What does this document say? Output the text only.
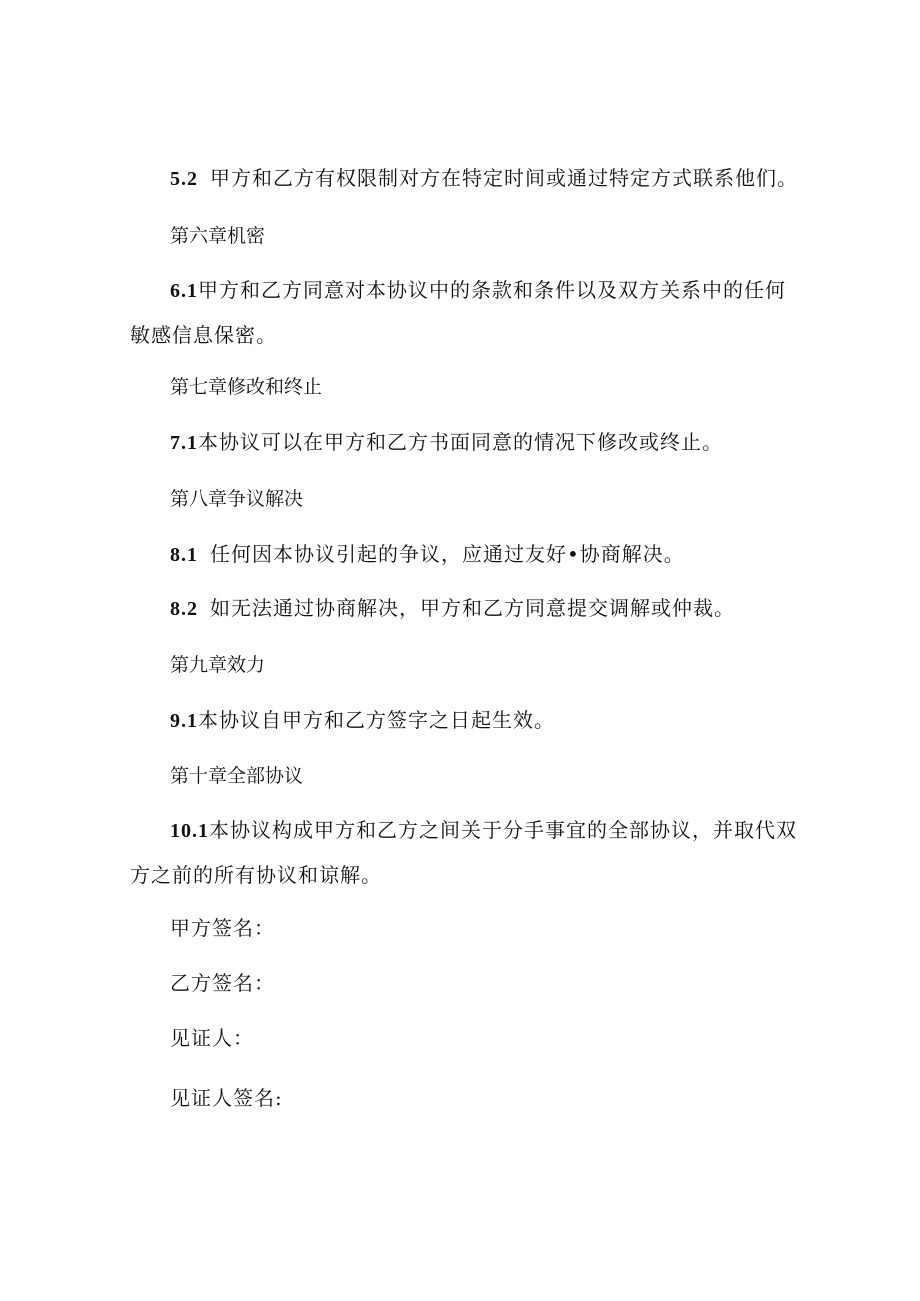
5.2 甲方和乙方有权限制对方在特定时间或通过特定方式联系他们。
第六章机密
6.1甲方和乙方同意对本协议中的条款和条件以及双方关系中的任何敏感信息保密。
第七章修改和终止
7.1本协议可以在甲方和乙方书面同意的情况下修改或终止。
第八章争议解决
8.1 任何因本协议引起的争议，应通过友好•协商解决。
8.2 如无法通过协商解决，甲方和乙方同意提交调解或仲裁。
第九章效力
9.1本协议自甲方和乙方签字之日起生效。
第十章全部协议
10.1本协议构成甲方和乙方之间关于分手事宜的全部协议，并取代双方之前的所有协议和谅解。
甲方签名：
乙方签名：
见证人：
见证人签名:
